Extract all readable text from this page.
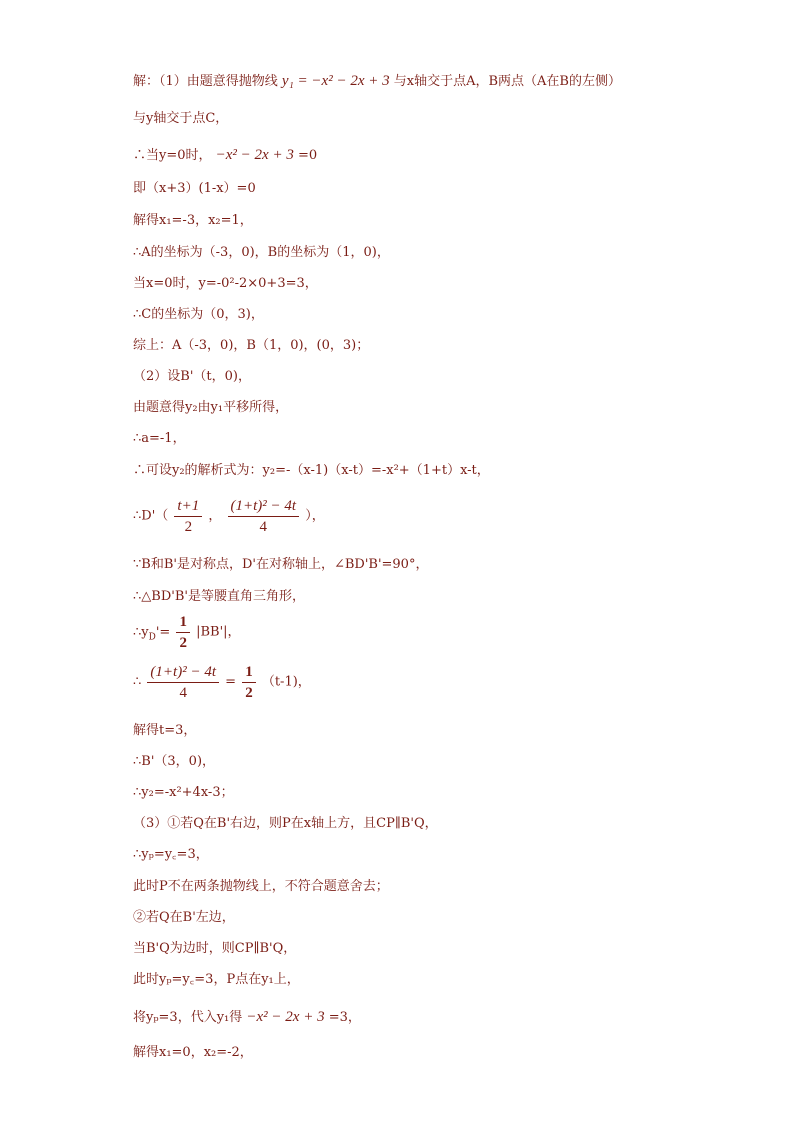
解：（1）由题意得抛物线 y₁ = −x² − 2x + 3 与x轴交于点A，B两点（A在B的左侧）
与y轴交于点C，
∴当y=0时， −x² − 2x + 3 =0
即（x+3）(1-x）=0
解得x₁=-3，x₂=1，
∴A的坐标为（-3，0)，B的坐标为（1，0)，
当x=0时，y=-0²-2×0+3=3，
∴C的坐标为（0，3)，
综上：A（-3，0)，B（1，0)，(0，3)；
（2）设B'（t，0)，
由题意得y₂由y₁平移所得，
∴a=-1，
∴可设y₂的解析式为：y₂=-（x-1)（x-t）=-x²+（1+t）x-t，
∴D'（ $\frac{t+1}{2}$ ， $\frac{\text{(1+t)² − 4t}}{4}$ ），
∵B和B'是对称点，D'在对称轴上，∠BD'B'=90°，
∴△BD'B'是等腰直角三角形，
$\therefore y_D'= \frac{1}{2} |BB'|$，
∴ $\frac{\text{(1+t)² − 4t}}{4} = \frac{1}{2} (t-1)$，
解得t=3，
∴B'（3，0)，
∴y₂=-x²+4x-3；
（3）①若Q在B'右边，则P在x轴上方，且CP∥B'Q，
∴yₚ=y꜀=3，
此时P不在两条抛物线上，不符合题意舍去；
②若Q在B'左边，
当B'Q为边时，则CP∥B'Q，
此时yₚ=y꜀=3，P点在y₁上，
将yₚ=3，代入y₁得 −x² − 2x + 3 =3，
解得x₁=0，x₂=-2，
